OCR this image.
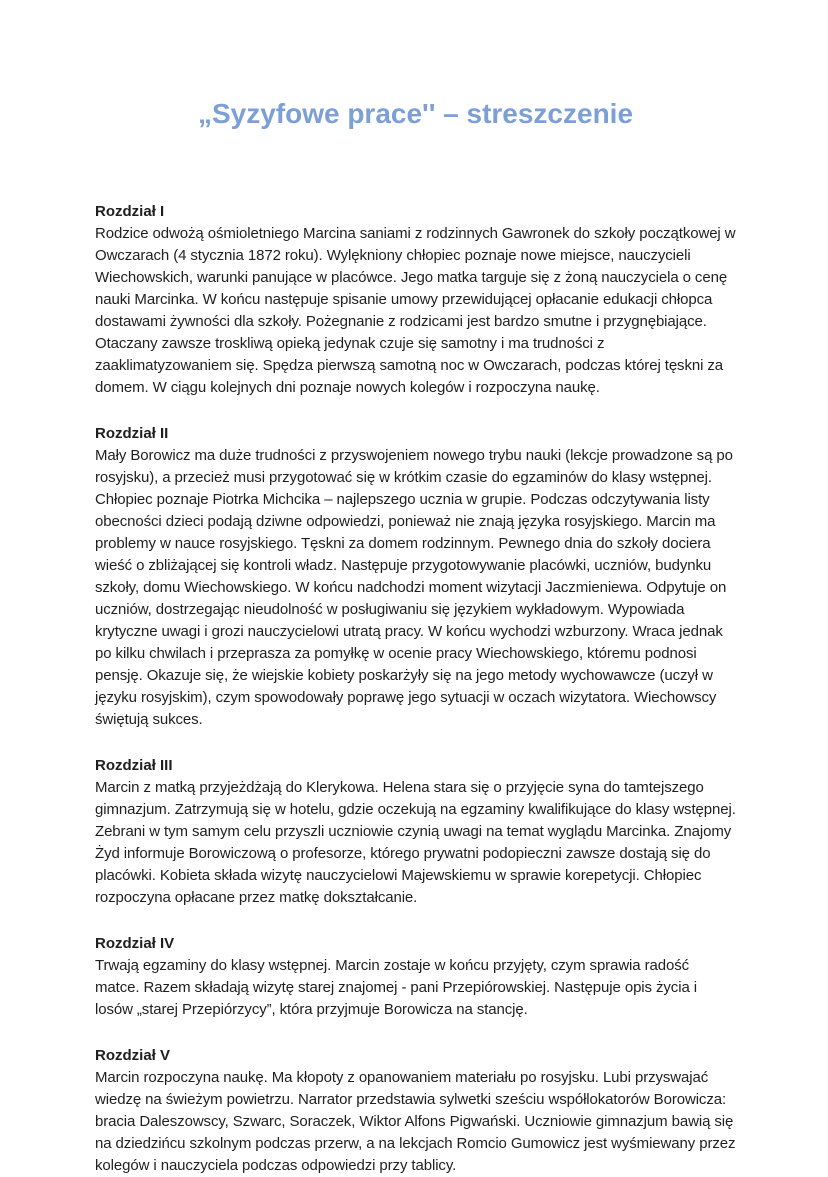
„Syzyfowe prace'' – streszczenie

Rozdział I

Rodzice odwożą ośmioletniego Marcina saniami z rodzinnych Gawronek do szkoły początkowej w Owczarach (4 stycznia 1872 roku). Wylękniony chłopiec poznaje nowe miejsce, nauczycieli Wiechowskich, warunki panujące w placówce. Jego matka targuje się z żoną nauczyciela o cenę nauki Marcinka. W końcu następuje spisanie umowy przewidującej opłacanie edukacji chłopca dostawami żywności dla szkoły. Pożegnanie z rodzicami jest bardzo smutne i przygnębiające. Otaczany zawsze troskliwą opieką jedynak czuje się samotny i ma trudności z zaaklimatyzowaniem się. Spędza pierwszą samotną noc w Owczarach, podczas której tęskni za domem. W ciągu kolejnych dni poznaje nowych kolegów i rozpoczyna naukę.

Rozdział II

Mały Borowicz ma duże trudności z przyswojeniem nowego trybu nauki (lekcje prowadzone są po rosyjsku), a przecież musi przygotować się w krótkim czasie do egzaminów do klasy wstępnej. Chłopiec poznaje Piotrka Michcika – najlepszego ucznia w grupie. Podczas odczytywania listy obecności dzieci podają dziwne odpowiedzi, ponieważ nie znają języka rosyjskiego. Marcin ma problemy w nauce rosyjskiego. Tęskni za domem rodzinnym. Pewnego dnia do szkoły dociera wieść o zbliżającej się kontroli władz. Następuje przygotowywanie placówki, uczniów, budynku szkoły, domu Wiechowskiego. W końcu nadchodzi moment wizytacji Jaczmieniewa. Odpytuje on uczniów, dostrzegając nieudolność w posługiwaniu się językiem wykładowym. Wypowiada krytyczne uwagi i grozi nauczycielowi utratą pracy. W końcu wychodzi wzburzony. Wraca jednak po kilku chwilach i przeprasza za pomyłkę w ocenie pracy Wiechowskiego, któremu podnosi pensję. Okazuje się, że wiejskie kobiety poskarżyły się na jego metody wychowawcze (uczył w języku rosyjskim), czym spowodowały poprawę jego sytuacji w oczach wizytatora. Wiechowscy świętują sukces.

Rozdział III

Marcin z matką przyjeżdżają do Klerykowa. Helena stara się o przyjęcie syna do tamtejszego gimnazjum. Zatrzymują się w hotelu, gdzie oczekują na egzaminy kwalifikujące do klasy wstępnej. Zebrani w tym samym celu przyszli uczniowie czynią uwagi na temat wyglądu Marcinka. Znajomy Żyd informuje Borowiczową o profesorze, którego prywatni podopieczni zawsze dostają się do placówki. Kobieta składa wizytę nauczycielowi Majewskiemu w sprawie korepetycji. Chłopiec rozpoczyna opłacane przez matkę dokształcanie.

Rozdział IV

Trwają egzaminy do klasy wstępnej. Marcin zostaje w końcu przyjęty, czym sprawia radość matce. Razem składają wizytę starej znajomej - pani Przepiórowskiej. Następuje opis życia i losów „starej Przepiórzycy”, która przyjmuje Borowicza na stancję.

Rozdział V

Marcin rozpoczyna naukę. Ma kłopoty z opanowaniem materiału po rosyjsku. Lubi przyswajać wiedzę na świeżym powietrzu. Narrator przedstawia sylwetki sześciu współlokatorów Borowicza: bracia Daleszowscy, Szwarc, Soraczek, Wiktor Alfons Pigwański. Uczniowie gimnazjum bawią się na dziedzińcu szkolnym podczas przerw, a na lekcjach Romcio Gumowicz jest wyśmiewany przez kolegów i nauczyciela podczas odpowiedzi przy tablicy.
